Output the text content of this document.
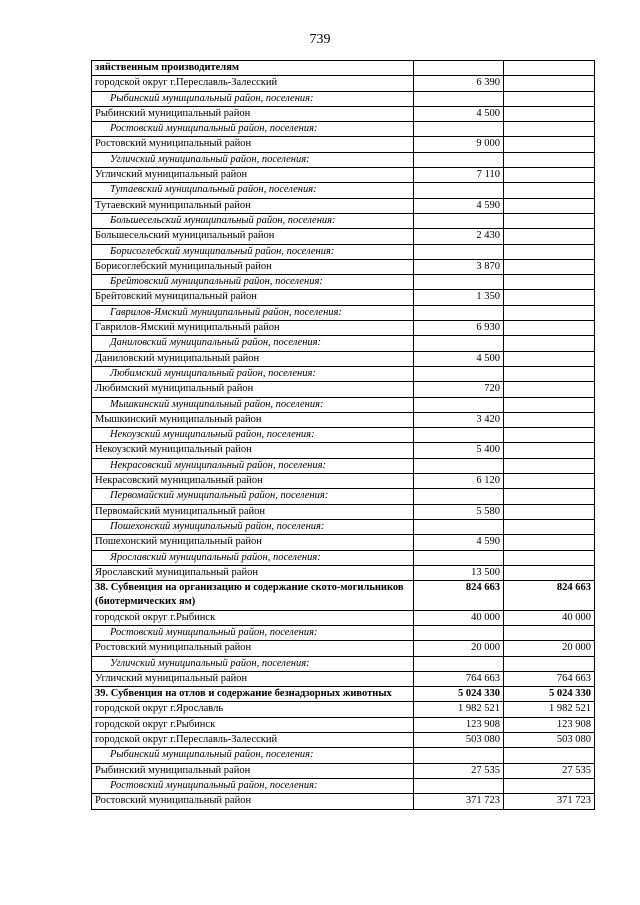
739
зяйственным производителям		
городской округ г.Переславль-Залесский	6 390	
Рыбинский муниципальный район, поселения:		
Рыбинский муниципальный район	4 500	
Ростовский муниципальный район, поселения:		
Ростовский муниципальный район	9 000	
Угличский муниципальный район, поселения:		
Угличский муниципальный район	7 110	
Тутаевский муниципальный район, поселения:		
Тутаевский муниципальный район	4 590	
Большесельский муниципальный район, поселения:		
Большесельский муниципальный район	2 430	
Борисоглебский муниципальный район, поселения:		
Борисоглебский муниципальный район	3 870	
Брейтовский муниципальный район, поселения:		
Брейтовский муниципальный район	1 350	
Гаврилов-Ямский муниципальный район, поселения:		
Гаврилов-Ямский муниципальный район	6 930	
Даниловский муниципальный район, поселения:		
Даниловский муниципальный район	4 500	
Любимский муниципальный район, поселения:		
Любимский муниципальный район	720	
Мышкинский муниципальный район, поселения:		
Мышкинский муниципальный район	3 420	
Некоузский муниципальный район, поселения:		
Некоузский муниципальный район	5 400	
Некрасовский муниципальный район, поселения:		
Некрасовский муниципальный район	6 120	
Первомайский муниципальный район, поселения:		
Первомайский муниципальный район	5 580	
Пошехонский муниципальный район, поселения:		
Пошехонский муниципальный район	4 590	
Ярославский муниципальный район, поселения:		
Ярославский муниципальный район	13 500	
38. Субвенция на организацию и содержание ското-могильников (биотермических ям)	824 663	824 663
городской округ г.Рыбинск	40 000	40 000
Ростовский муниципальный район, поселения:		
Ростовский муниципальный район	20 000	20 000
Угличский муниципальный район, поселения:		
Угличский муниципальный район	764 663	764 663
39. Субвенция на отлов и содержание безнадзорных животных	5 024 330	5 024 330
городской округ г.Ярославль	1 982 521	1 982 521
городской округ г.Рыбинск	123 908	123 908
городской округ г.Переславль-Залесский	503 080	503 080
Рыбинский муниципальный район, поселения:		
Рыбинский муниципальный район	27 535	27 535
Ростовский муниципальный район, поселения:		
Ростовский муниципальный район	371 723	371 723
